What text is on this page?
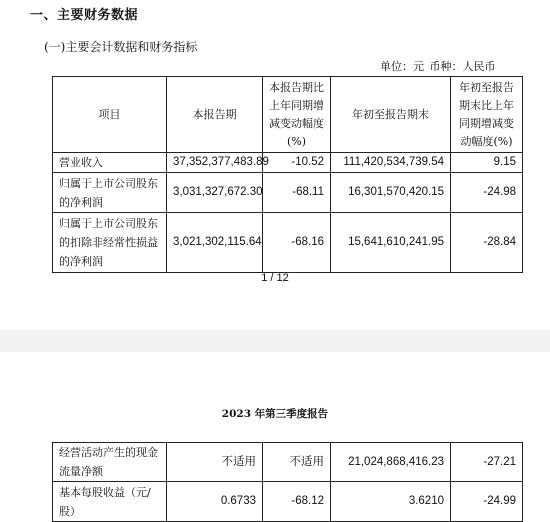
一、主要财务数据
(一)主要会计数据和财务指标
单位：元 币种：人民币
项目	本报告期	本报告期比上年同期增减变动幅度(%)	年初至报告期末	年初至报告期末比上年同期增减变动幅度(%)
营业收入	37,352,377,483.89	-10.52	111,420,534,739.54	9.15
归属于上市公司股东的净利润	3,031,327,672.30	-68.11	16,301,570,420.15	-24.98
归属于上市公司股东的扣除非经常性损益的净利润	3,021,302,115.64	-68.16	15,641,610,241.95	-28.84
1 / 12
2023 年第三季度报告
经营活动产生的现金流量净额	不适用	不适用	21,024,868,416.23	-27.21
基本每股收益（元/股）	0.6733	-68.12	3.6210	-24.99
